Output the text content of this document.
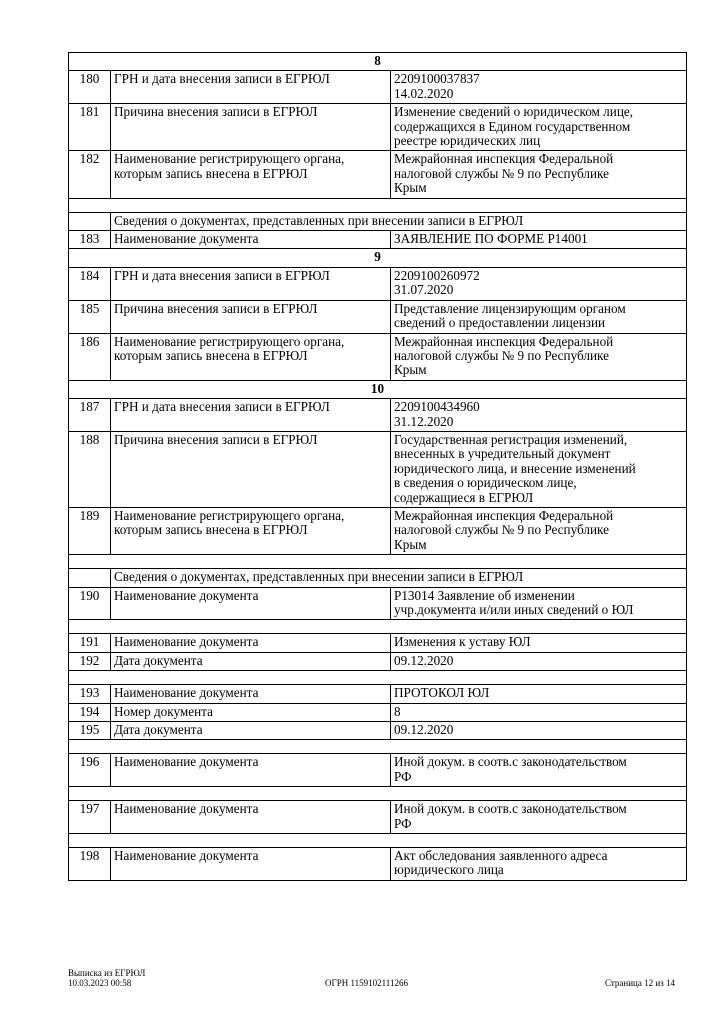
8		
180	ГРН и дата внесения записи в ЕГРЮЛ	2209100037837
14.02.2020

181	Причина внесения записи в ЕГРЮЛ	Изменение сведений о юридическом лице,
содержащихся в Едином государственном
реестре юридических лиц

182	Наименование регистрирующего органа,
которым запись внесена в ЕГРЮЛ	Межрайонная инспекция Федеральной
налоговой службы № 9 по Республике
Крым

	Сведения о документах, представленных при внесении записи в ЕГРЮЛ	
183	Наименование документа	ЗАЯВЛЕНИЕ ПО ФОРМЕ Р14001

9		
184	ГРН и дата внесения записи в ЕГРЮЛ	2209100260972
31.07.2020

185	Причина внесения записи в ЕГРЮЛ	Представление лицензирующим органом
сведений о предоставлении лицензии

186	Наименование регистрирующего органа,
которым запись внесена в ЕГРЮЛ	Межрайонная инспекция Федеральной
налоговой службы № 9 по Республике
Крым

10		
187	ГРН и дата внесения записи в ЕГРЮЛ	2209100434960
31.12.2020

188	Причина внесения записи в ЕГРЮЛ	Государственная регистрация изменений,
внесенных в учредительный документ
юридического лица, и внесение изменений
в сведения о юридическом лице,
содержащиеся в ЕГРЮЛ

189	Наименование регистрирующего органа,
которым запись внесена в ЕГРЮЛ	Межрайонная инспекция Федеральной
налоговой службы № 9 по Республике
Крым

	Сведения о документах, представленных при внесении записи в ЕГРЮЛ	
190	Наименование документа	Р13014 Заявление об изменении
учр.документа и/или иных сведений о ЮЛ

191	Наименование документа	Изменения к уставу ЮЛ

192	Дата документа	09.12.2020

193	Наименование документа	ПРОТОКОЛ ЮЛ

194	Номер документа	8

195	Дата документа	09.12.2020

196	Наименование документа	Иной докум. в соотв.с законодательством
РФ

197	Наименование документа	Иной докум. в соотв.с законодательством
РФ

198	Наименование документа	Акт обследования заявленного адреса
юридического лица
Выписка из ЕГРЮЛ
10.03.2023 00:58	ОГРН 1159102111266	Страница 12 из 14
